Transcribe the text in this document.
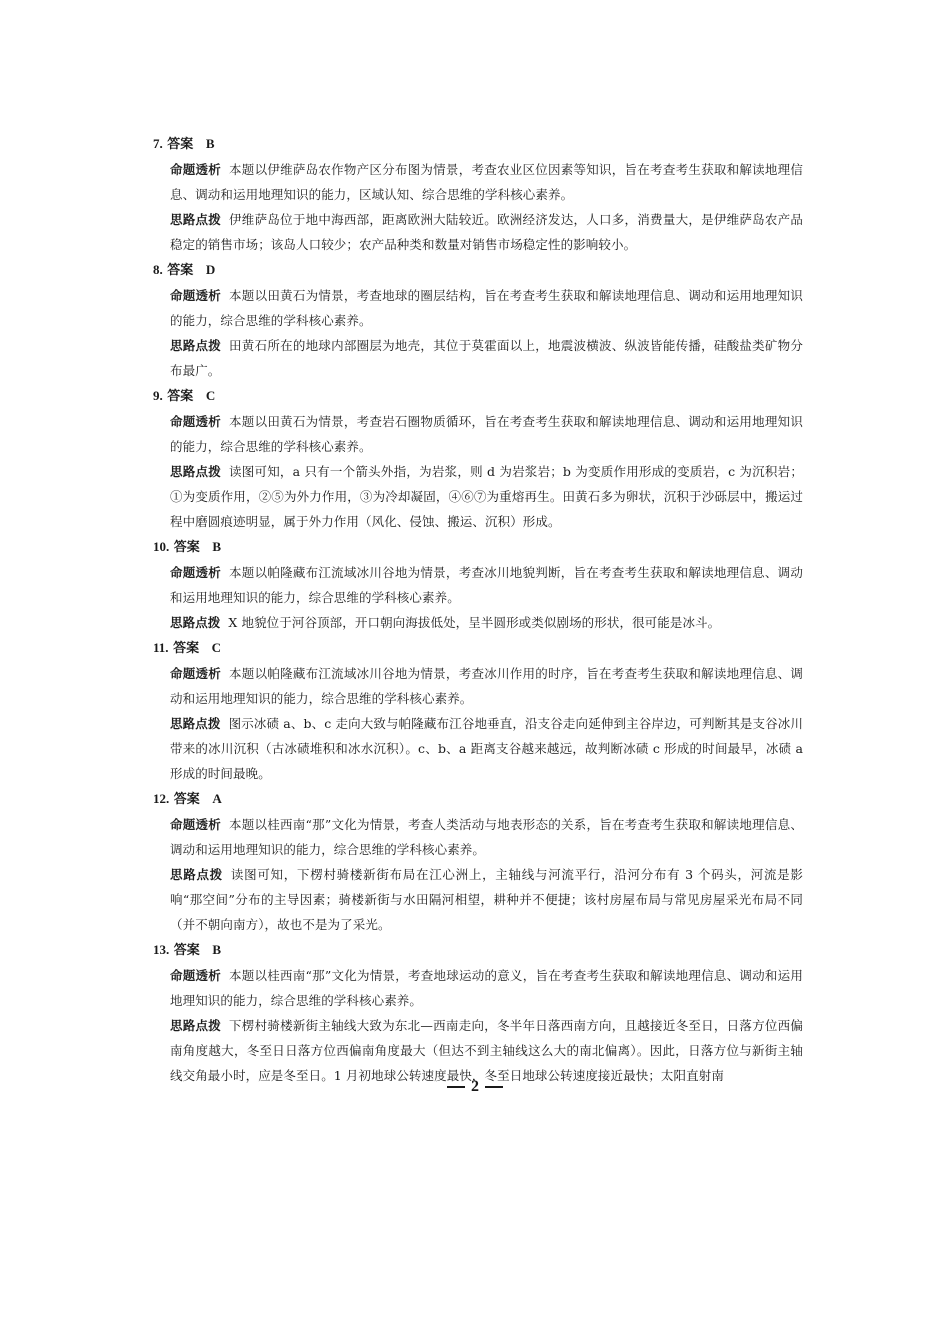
7. 答案 B
命题透析 本题以伊维萨岛农作物产区分布图为情景，考查农业区位因素等知识，旨在考查考生获取和解读地理信息、调动和运用地理知识的能力，区域认知、综合思维的学科核心素养。
思路点拨 伊维萨岛位于地中海西部，距离欧洲大陆较近。欧洲经济发达，人口多，消费量大，是伊维萨岛农产品稳定的销售市场；该岛人口较少；农产品种类和数量对销售市场稳定性的影响较小。
8. 答案 D
命题透析 本题以田黄石为情景，考查地球的圈层结构，旨在考查考生获取和解读地理信息、调动和运用地理知识的能力，综合思维的学科核心素养。
思路点拨 田黄石所在的地球内部圈层为地壳，其位于莫霍面以上，地震波横波、纵波皆能传播，硅酸盐类矿物分布最广。
9. 答案 C
命题透析 本题以田黄石为情景，考查岩石圈物质循环，旨在考查考生获取和解读地理信息、调动和运用地理知识的能力，综合思维的学科核心素养。
思路点拨 读图可知，a 只有一个箭头外指，为岩浆，则 d 为岩浆岩；b 为变质作用形成的变质岩，c 为沉积岩；①为变质作用，②⑤为外力作用，③为冷却凝固，④⑥⑦为重熔再生。田黄石多为卵状，沉积于沙砾层中，搬运过程中磨圆痕迹明显，属于外力作用（风化、侵蚀、搬运、沉积）形成。
10. 答案 B
命题透析 本题以帕隆藏布江流域冰川谷地为情景，考查冰川地貌判断，旨在考查考生获取和解读地理信息、调动和运用地理知识的能力，综合思维的学科核心素养。
思路点拨 X 地貌位于河谷顶部，开口朝向海拔低处，呈半圆形或类似剧场的形状，很可能是冰斗。
11. 答案 C
命题透析 本题以帕隆藏布江流域冰川谷地为情景，考查冰川作用的时序，旨在考查考生获取和解读地理信息、调动和运用地理知识的能力，综合思维的学科核心素养。
思路点拨 图示冰碛 a、b、c 走向大致与帕隆藏布江谷地垂直，沿支谷走向延伸到主谷岸边，可判断其是支谷冰川带来的冰川沉积（古冰碛堆积和冰水沉积）。c、b、a 距离支谷越来越远，故判断冰碛 c 形成的时间最早，冰碛 a 形成的时间最晚。
12. 答案 A
命题透析 本题以桂西南“那”文化为情景，考查人类活动与地表形态的关系，旨在考查考生获取和解读地理信息、调动和运用地理知识的能力，综合思维的学科核心素养。
思路点拨 读图可知，下楞村骑楼新街布局在江心洲上，主轴线与河流平行，沿河分布有 3 个码头，河流是影响“那空间”分布的主导因素；骑楼新街与水田隔河相望，耕种并不便捷；该村房屋布局与常见房屋采光布局不同（并不朝向南方），故也不是为了采光。
13. 答案 B
命题透析 本题以桂西南“那”文化为情景，考查地球运动的意义，旨在考查考生获取和解读地理信息、调动和运用地理知识的能力，综合思维的学科核心素养。
思路点拨 下楞村骑楼新街主轴线大致为东北—西南走向，冬半年日落西南方向，且越接近冬至日，日落方位西偏南角度越大，冬至日日落方位西偏南角度最大（但达不到主轴线这么大的南北偏离）。因此，日落方位与新街主轴线交角最小时，应是冬至日。1 月初地球公转速度最快，冬至日地球公转速度接近最快；太阳直射南
2
